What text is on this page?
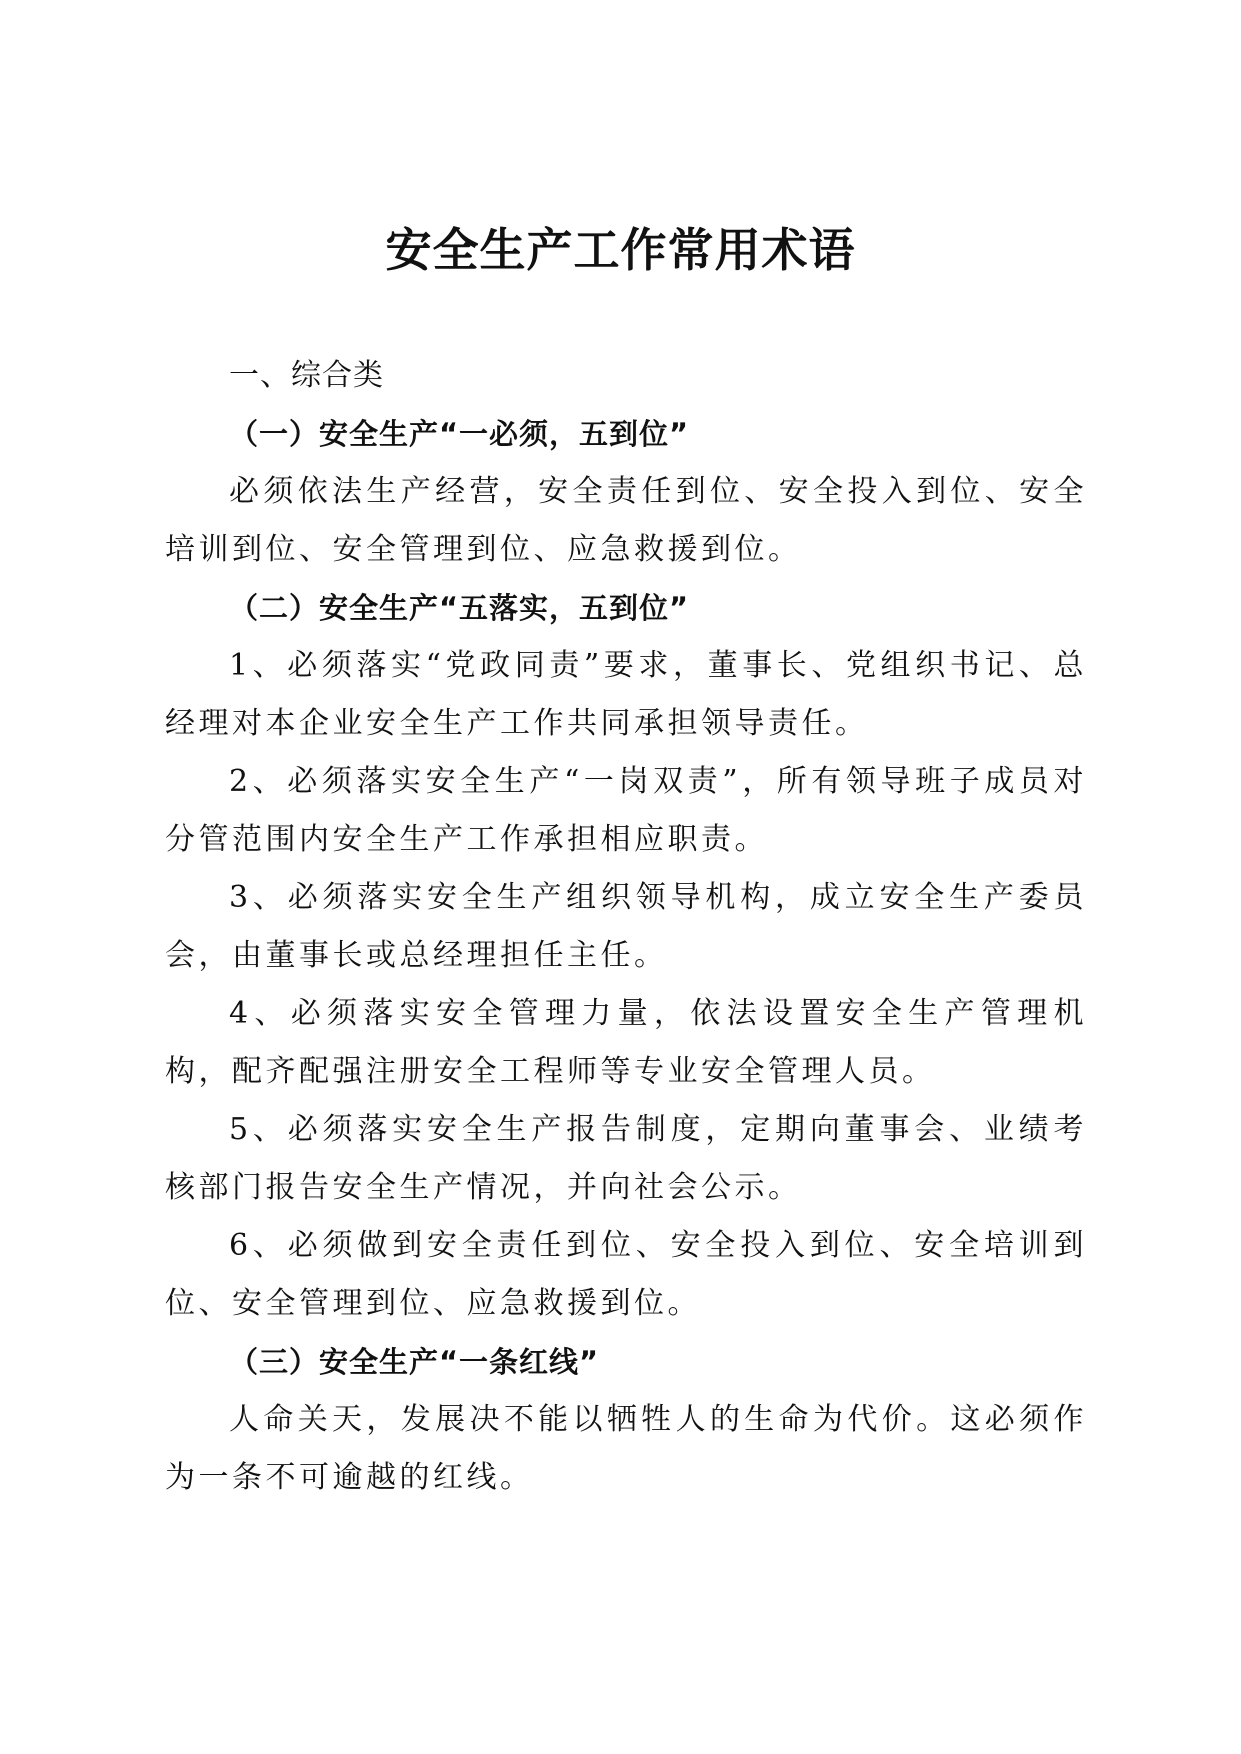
安全生产工作常用术语
一、综合类
（一）安全生产“一必须，五到位”

必须依法生产经营，安全责任到位、安全投入到位、安全培训到位、安全管理到位、应急救援到位。

（二）安全生产“五落实，五到位”

1、必须落实“党政同责”要求，董事长、党组织书记、总经理对本企业安全生产工作共同承担领导责任。

2、必须落实安全生产“一岗双责”，所有领导班子成员对分管范围内安全生产工作承担相应职责。

3、必须落实安全生产组织领导机构，成立安全生产委员会，由董事长或总经理担任主任。

4、必须落实安全管理力量，依法设置安全生产管理机构，配齐配强注册安全工程师等专业安全管理人员。

5、必须落实安全生产报告制度，定期向董事会、业绩考核部门报告安全生产情况，并向社会公示。

6、必须做到安全责任到位、安全投入到位、安全培训到位、安全管理到位、应急救援到位。

（三）安全生产“一条红线”

人命关天，发展决不能以牺牲人的生命为代价。这必须作为一条不可逾越的红线。
